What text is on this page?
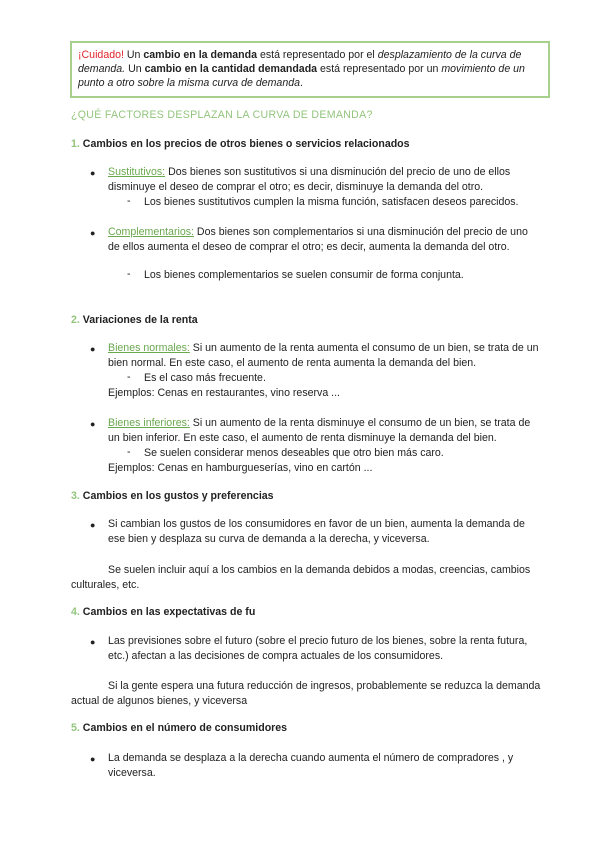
¡Cuidado! Un cambio en la demanda está representado por el desplazamiento de la curva de demanda. Un cambio en la cantidad demandada está representado por un movimiento de un punto a otro sobre la misma curva de demanda.
¿QUÉ FACTORES DESPLAZAN LA CURVA DE DEMANDA?
1. Cambios en los precios de otros bienes o servicios relacionados
● Sustitutivos: Dos bienes son sustitutivos si una disminución del precio de uno de ellos disminuye el deseo de comprar el otro; es decir, disminuye la demanda del otro.
- Los bienes sustitutivos cumplen la misma función, satisfacen deseos parecidos.
● Complementarios: Dos bienes son complementarios si una disminución del precio de uno de ellos aumenta el deseo de comprar el otro; es decir, aumenta la demanda del otro.
- Los bienes complementarios se suelen consumir de forma conjunta.
2. Variaciones de la renta
● Bienes normales: Si un aumento de la renta aumenta el consumo de un bien, se trata de un bien normal. En este caso, el aumento de renta aumenta la demanda del bien.
- Es el caso más frecuente.
Ejemplos: Cenas en restaurantes, vino reserva ...
● Bienes inferiores: Si un aumento de la renta disminuye el consumo de un bien, se trata de un bien inferior. En este caso, el aumento de renta disminuye la demanda del bien.
- Se suelen considerar menos deseables que otro bien más caro.
Ejemplos: Cenas en hamburgueserías, vino en cartón ...
3. Cambios en los gustos y preferencias
● Si cambian los gustos de los consumidores en favor de un bien, aumenta la demanda de ese bien y desplaza su curva de demanda a la derecha, y viceversa.
Se suelen incluir aquí a los cambios en la demanda debidos a modas, creencias, cambios culturales, etc.
4. Cambios en las expectativas de fu
● Las previsiones sobre el futuro (sobre el precio futuro de los bienes, sobre la renta futura, etc.) afectan a las decisiones de compra actuales de los consumidores.
Si la gente espera una futura reducción de ingresos, probablemente se reduzca la demanda actual de algunos bienes, y viceversa
5. Cambios en el número de consumidores
● La demanda se desplaza a la derecha cuando aumenta el número de compradores , y viceversa.
